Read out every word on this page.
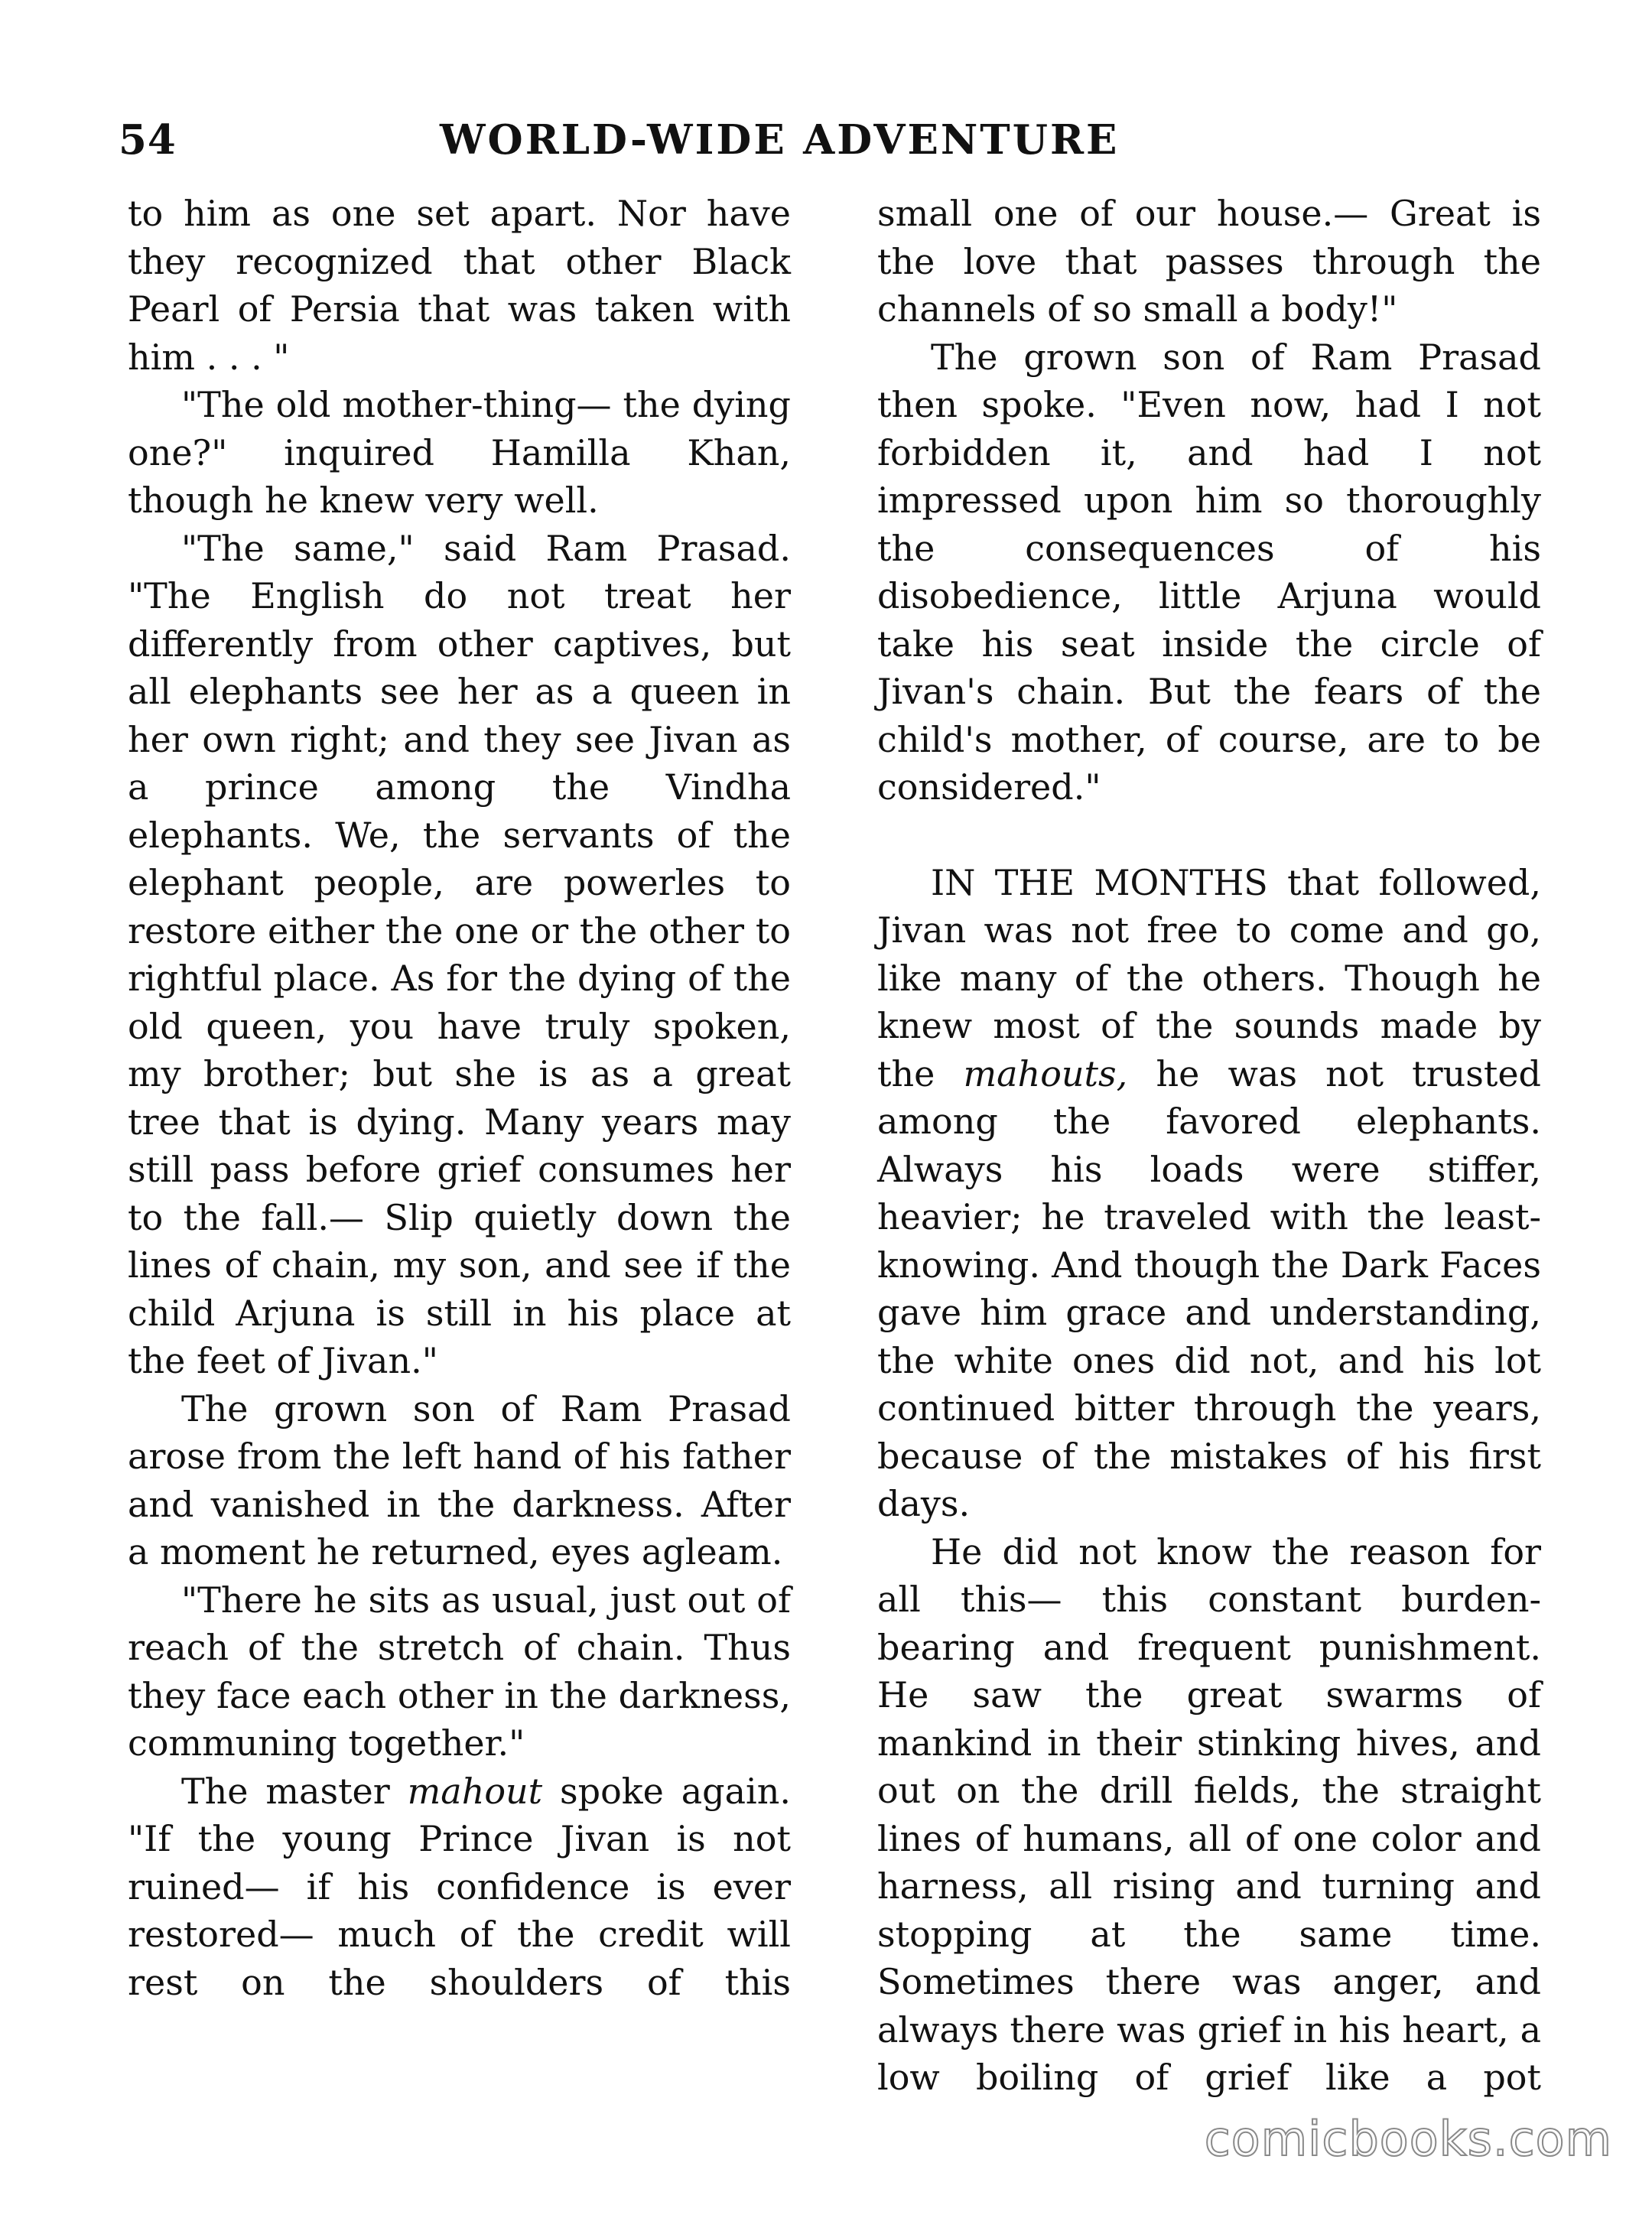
54	WORLD-WIDE ADVENTURE

to him as one set apart. Nor have they recognized that other Black Pearl of Persia that was taken with him . . . "

"The old mother-thing— the dying one?" inquired Hamilla Khan, though he knew very well.

"The same," said Ram Prasad. "The English do not treat her differently from other captives, but all elephants see her as a queen in her own right; and they see Jivan as a prince among the Vindha elephants. We, the servants of the elephant people, are powerles to restore either the one or the other to rightful place. As for the dying of the old queen, you have truly spoken, my brother; but she is as a great tree that is dying. Many years may still pass before grief consumes her to the fall.— Slip quietly down the lines of chain, my son, and see if the child Arjuna is still in his place at the feet of Jivan."

The grown son of Ram Prasad arose from the left hand of his father and vanished in the darkness. After a moment he returned, eyes agleam.

"There he sits as usual, just out of reach of the stretch of chain. Thus they face each other in the darkness, communing together."

The master mahout spoke again. "If the young Prince Jivan is not ruined— if his confidence is ever restored— much of the credit will rest on the shoulders of this

small one of our house.— Great is the love that passes through the channels of so small a body!"

The grown son of Ram Prasad then spoke. "Even now, had I not forbidden it, and had I not impressed upon him so thoroughly the consequences of his disobedience, little Arjuna would take his seat inside the circle of Jivan's chain. But the fears of the child's mother, of course, are to be considered."

IN THE MONTHS that followed, Jivan was not free to come and go, like many of the others. Though he knew most of the sounds made by the mahouts, he was not trusted among the favored elephants. Always his loads were stiffer, heavier; he traveled with the least-knowing. And though the Dark Faces gave him grace and understanding, the white ones did not, and his lot continued bitter through the years, because of the mistakes of his first days.

He did not know the reason for all this— this constant burden-bearing and frequent punishment. He saw the great swarms of mankind in their stinking hives, and out on the drill fields, the straight lines of humans, all of one color and harness, all rising and turning and stopping at the same time. Sometimes there was anger, and always there was grief in his heart, a low boiling of grief like a pot

comicbooks.com
